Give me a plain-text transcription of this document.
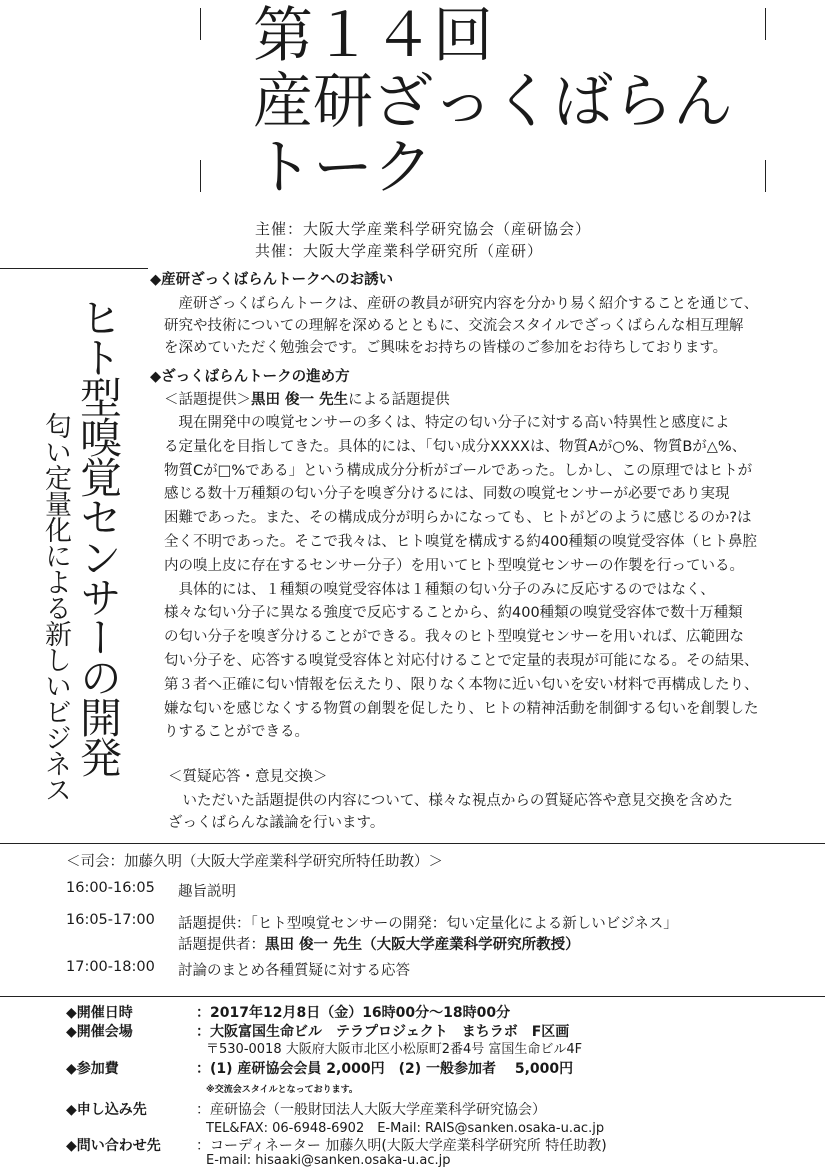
第１４回
産研ざっくばらん
トーク
主催：大阪大学産業科学研究協会（産研協会）
共催：大阪大学産業科学研究所（産研）
ヒト型嗅覚センサーの開発
匂い定量化による新しいビジネス
◆産研ざっくばらんトークへのお誘い
　産研ざっくばらんトークは、産研の教員が研究内容を分かり易く紹介することを通じて、
研究や技術についての理解を深めるとともに、交流会スタイルでざっくばらんな相互理解
を深めていただく勉強会です。ご興味をお持ちの皆様のご参加をお待ちしております。
◆ざっくばらんトークの進め方
＜話題提供＞黒田 俊一 先生による話題提供
　現在開発中の嗅覚センサーの多くは、特定の匂い分子に対する高い特異性と感度によ
る定量化を目指してきた。具体的には、「匂い成分XXXXは、物質Aが○%、物質Bが△%、
物質Cが□%である」という構成成分分析がゴールであった。しかし、この原理ではヒトが
感じる数十万種類の匂い分子を嗅ぎ分けるには、同数の嗅覚センサーが必要であり実現
困難であった。また、その構成成分が明らかになっても、ヒトがどのように感じるのか?は
全く不明であった。そこで我々は、ヒト嗅覚を構成する約400種類の嗅覚受容体（ヒト鼻腔
内の嗅上皮に存在するセンサー分子）を用いてヒト型嗅覚センサーの作製を行っている。
　具体的には、１種類の嗅覚受容体は１種類の匂い分子のみに反応するのではなく、
様々な匂い分子に異なる強度で反応することから、約400種類の嗅覚受容体で数十万種類
の匂い分子を嗅ぎ分けることができる。我々のヒト型嗅覚センサーを用いれば、広範囲な
匂い分子を、応答する嗅覚受容体と対応付けることで定量的表現が可能になる。その結果、
第３者へ正確に匂い情報を伝えたり、限りなく本物に近い匂いを安い材料で再構成したり、
嫌な匂いを感じなくする物質の創製を促したり、ヒトの精神活動を制御する匂いを創製した
りすることができる。
＜質疑応答・意見交換＞
　いただいた話題提供の内容について、様々な視点からの質疑応答や意見交換を含めた
ざっくばらんな議論を行います。
＜司会：加藤久明（大阪大学産業科学研究所特任助教）＞
16:00-16:05 趣旨説明
16:05-17:00 話題提供：「ヒト型嗅覚センサーの開発：匂い定量化による新しいビジネス」
話題提供者：黒田 俊一 先生（大阪大学産業科学研究所教授）
17:00-18:00 討論のまとめ各種質疑に対する応答
◆開催日時	：2017年12月8日（金）16時00分～18時00分
◆開催会場	：大阪富国生命ビル　テラプロジェクト　まちラボ　F区画
〒530-0018 大阪府大阪市北区小松原町2番4号 富国生命ビル4F
◆参加費	：(1) 産研協会会員 2,000円　(2) 一般参加者　 5,000円
※交流会スタイルとなっております。
◆申し込み先	：産研協会（一般財団法人大阪大学産業科学研究協会）
TEL&FAX: 06-6948-6902　E-Mail: RAIS@sanken.osaka-u.ac.jp
◆問い合わせ先	：コーディネーター 加藤久明(大阪大学産業科学研究所 特任助教)
E-mail: hisaaki@sanken.osaka-u.ac.jp
